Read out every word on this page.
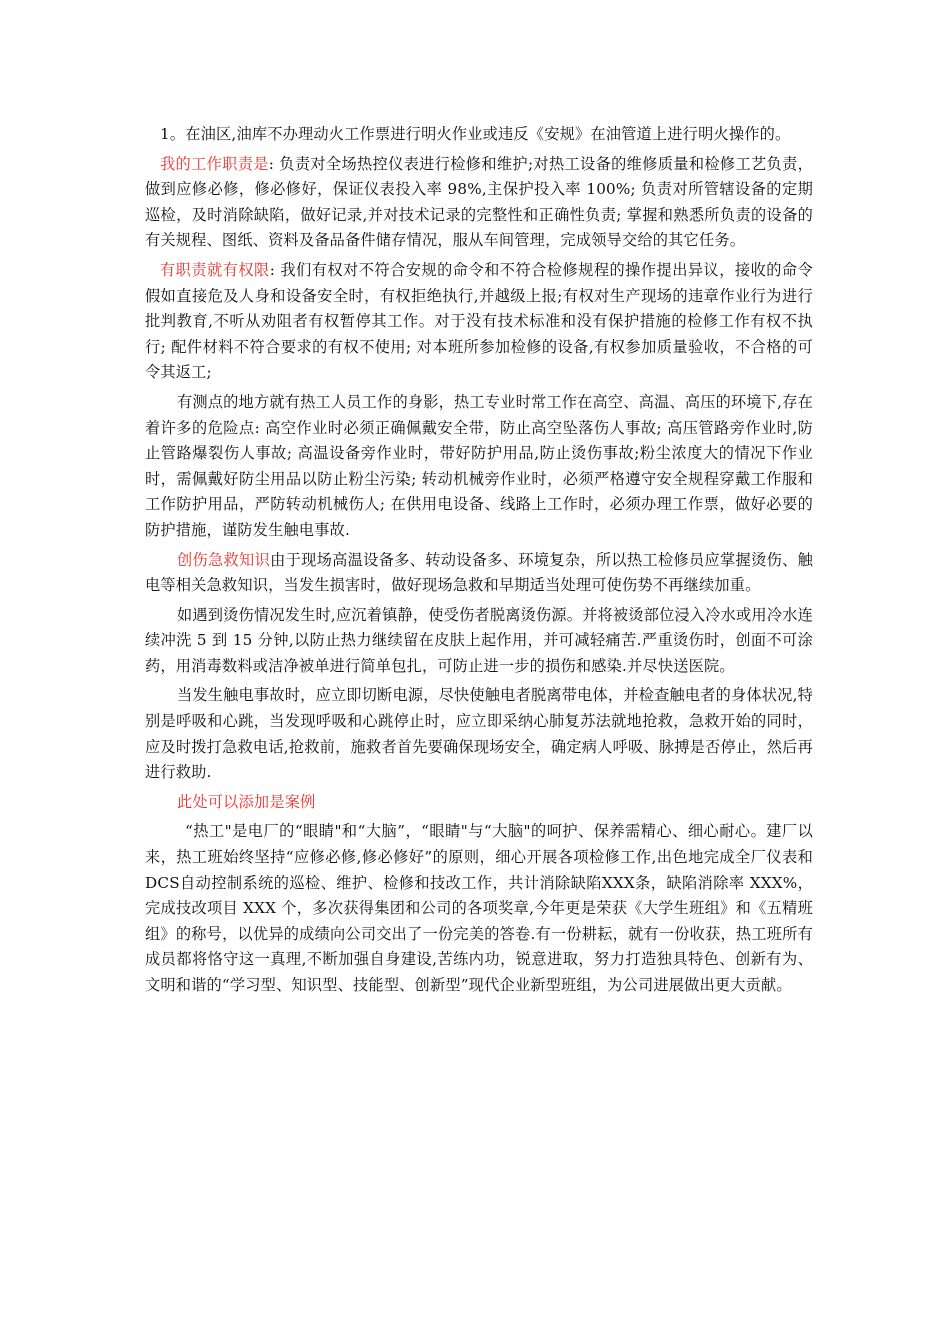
1。在油区,油库不办理动火工作票进行明火作业或违反《安规》在油管道上进行明火操作的。

我的工作职责是: 负责对全场热控仪表进行检修和维护;对热工设备的维修质量和检修工艺负责，做到应修必修，修必修好，保证仪表投入率 98%,主保护投入率 100%; 负责对所管辖设备的定期巡检，及时消除缺陷，做好记录,并对技术记录的完整性和正确性负责; 掌握和熟悉所负责的设备的有关规程、图纸、资料及备品备件储存情况，服从车间管理，完成领导交给的其它任务。

有职责就有权限: 我们有权对不符合安规的命令和不符合检修规程的操作提出异议，接收的命令假如直接危及人身和设备安全时，有权拒绝执行,并越级上报;有权对生产现场的违章作业行为进行批判教育,不听从劝阻者有权暂停其工作。对于没有技术标准和没有保护措施的检修工作有权不执行; 配件材料不符合要求的有权不使用; 对本班所参加检修的设备,有权参加质量验收，不合格的可令其返工;

有测点的地方就有热工人员工作的身影，热工专业时常工作在高空、高温、高压的环境下,存在着许多的危险点: 高空作业时必须正确佩戴安全带，防止高空坠落伤人事故; 高压管路旁作业时,防止管路爆裂伤人事故; 高温设备旁作业时，带好防护用品,防止烫伤事故;粉尘浓度大的情况下作业时，需佩戴好防尘用品以防止粉尘污染; 转动机械旁作业时，必须严格遵守安全规程穿戴工作服和工作防护用品，严防转动机械伤人; 在供用电设备、线路上工作时，必须办理工作票，做好必要的防护措施，谨防发生触电事故.

创伤急救知识由于现场高温设备多、转动设备多、环境复杂，所以热工检修员应掌握烫伤、触电等相关急救知识，当发生损害时，做好现场急救和早期适当处理可使伤势不再继续加重。

如遇到烫伤情况发生时,应沉着镇静，使受伤者脱离烫伤源。并将被烫部位浸入冷水或用冷水连续冲洗 5 到 15 分钟,以防止热力继续留在皮肤上起作用，并可减轻痛苦.严重烫伤时，创面不可涂药，用消毒数料或洁净被单进行简单包扎，可防止进一步的损伤和感染.并尽快送医院。

当发生触电事故时，应立即切断电源，尽快使触电者脱离带电体，并检查触电者的身体状况,特别是呼吸和心跳，当发现呼吸和心跳停止时，应立即采纳心肺复苏法就地抢救，急救开始的同时，应及时拨打急救电话,抢救前，施救者首先要确保现场安全，确定病人呼吸、脉搏是否停止，然后再进行救助.

此处可以添加是案例

“热工"是电厂的“眼睛"和“大脑”，“眼睛"与“大脑"的呵护、保养需精心、细心耐心。建厂以来，热工班始终坚持“应修必修,修必修好”的原则，细心开展各项检修工作,出色地完成全厂仪表和DCS自动控制系统的巡检、维护、检修和技改工作，共计消除缺陷XXX条，缺陷消除率 XXX%，完成技改项目 XXX 个，多次获得集团和公司的各项奖章,今年更是荣获《大学生班组》和《五精班组》的称号，以优异的成绩向公司交出了一份完美的答卷.有一份耕耘，就有一份收获，热工班所有成员都将恪守这一真理,不断加强自身建设,苦练内功，锐意进取，努力打造独具特色、创新有为、文明和谐的“学习型、知识型、技能型、创新型”现代企业新型班组，为公司进展做出更大贡献。
